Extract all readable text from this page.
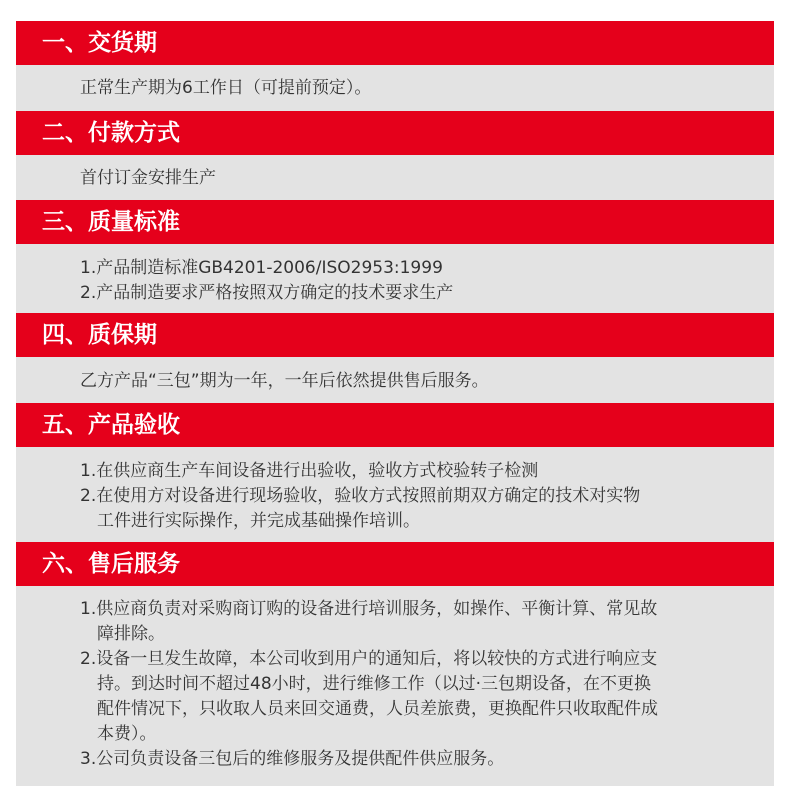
一、交货期
正常生产期为6工作日（可提前预定）。
二、付款方式
首付订金安排生产
三、质量标准
1.产品制造标准GB4201-2006/ISO2953:1999
2.产品制造要求严格按照双方确定的技术要求生产
四、质保期
乙方产品“三包”期为一年，一年后依然提供售后服务。
五、产品验收
1.在供应商生产车间设备进行出验收，验收方式校验转子检测
2.在使用方对设备进行现场验收，验收方式按照前期双方确定的技术对实物
工件进行实际操作，并完成基础操作培训。
六、售后服务
1.供应商负责对采购商订购的设备进行培训服务，如操作、平衡计算、常见故
障排除。
2.设备一旦发生故障，本公司收到用户的通知后，将以较快的方式进行响应支
持。到达时间不超过48小时，进行维修工作（以过·三包期设备，在不更换
配件情况下，只收取人员来回交通费，人员差旅费，更换配件只收取配件成
本费）。
3.公司负责设备三包后的维修服务及提供配件供应服务。
